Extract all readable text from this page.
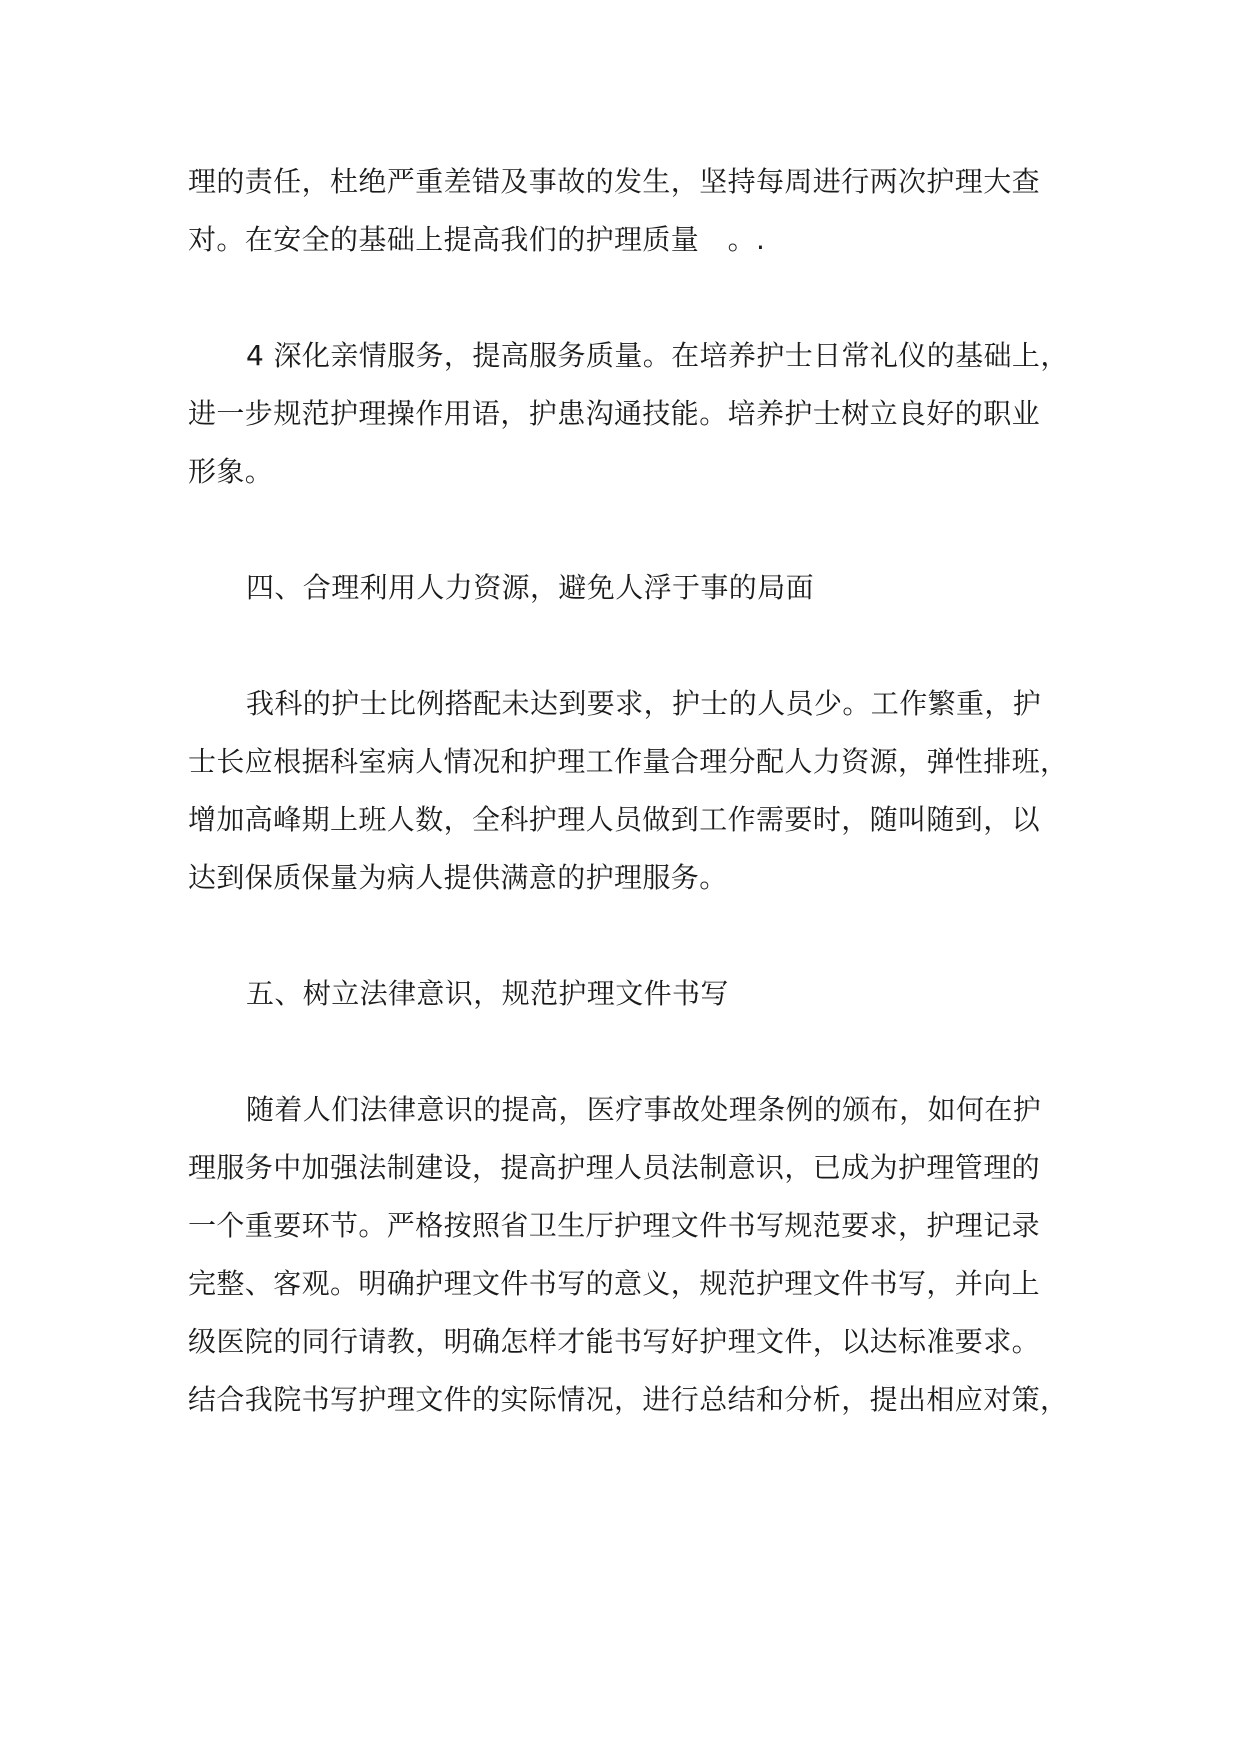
理的责任，杜绝严重差错及事故的发生，坚持每周进行两次护理大查
对。在安全的基础上提高我们的护理质量　。.
4 深化亲情服务，提高服务质量。在培养护士日常礼仪的基础上，
进一步规范护理操作用语，护患沟通技能。培养护士树立良好的职业
形象。
四、合理利用人力资源，避免人浮于事的局面
我科的护士比例搭配未达到要求，护士的人员少。工作繁重，护
士长应根据科室病人情况和护理工作量合理分配人力资源，弹性排班，
增加高峰期上班人数，全科护理人员做到工作需要时，随叫随到，以
达到保质保量为病人提供满意的护理服务。
五、树立法律意识，规范护理文件书写
随着人们法律意识的提高，医疗事故处理条例的颁布，如何在护
理服务中加强法制建设，提高护理人员法制意识，已成为护理管理的
一个重要环节。严格按照省卫生厅护理文件书写规范要求，护理记录
完整、客观。明确护理文件书写的意义，规范护理文件书写，并向上
级医院的同行请教，明确怎样才能书写好护理文件，以达标准要求。
结合我院书写护理文件的实际情况，进行总结和分析，提出相应对策，
